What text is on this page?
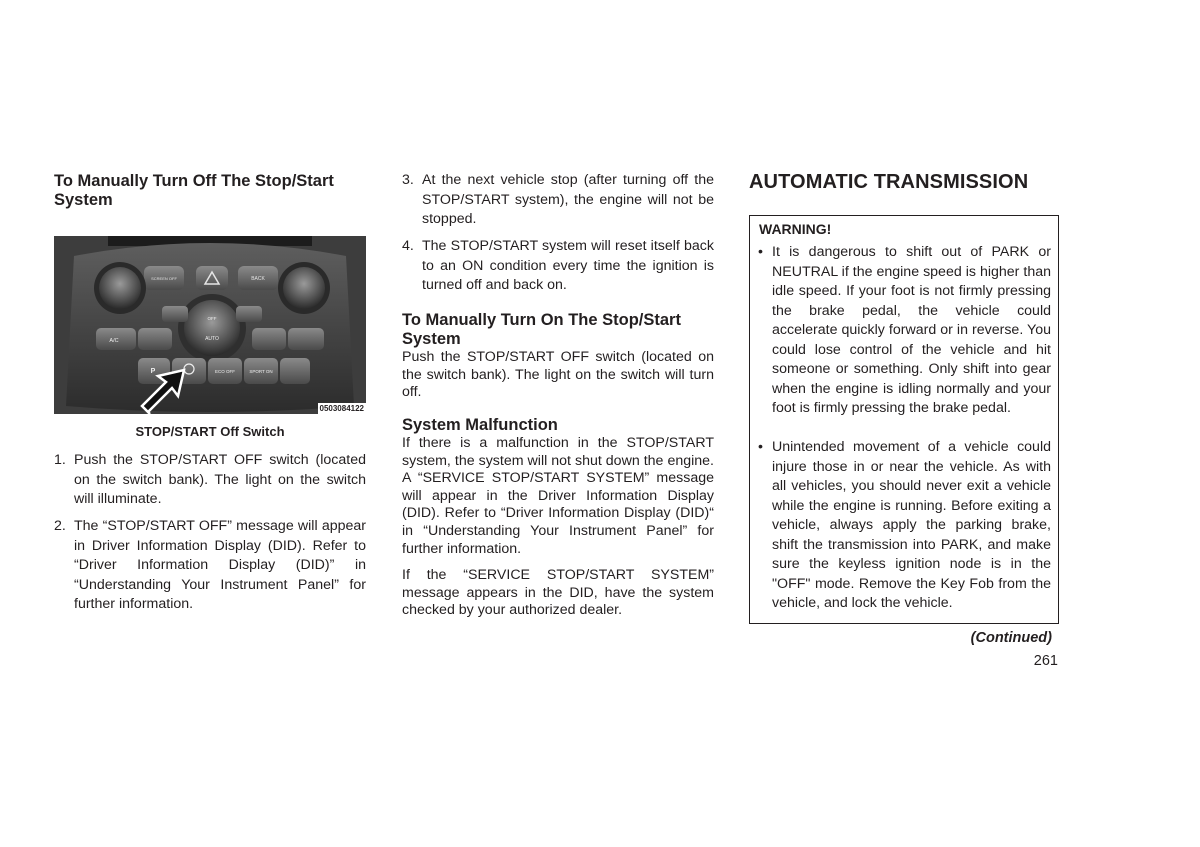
To Manually Turn Off The Stop/Start System
SCREEN OFF	BACK
OFF
AUTO
A/C
P	ECO OFF	SPORT ON
0503084122
STOP/START Off Switch
1. Push the STOP/START OFF switch (located on the switch bank). The light on the switch will illuminate.
2. The “STOP/START OFF” message will appear in Driver Information Display (DID). Refer to “Driver Information Display (DID)” in “Understanding Your Instrument Panel” for further information.
3. At the next vehicle stop (after turning off the STOP/START system), the engine will not be stopped.
4. The STOP/START system will reset itself back to an ON condition every time the ignition is turned off and back on.
To Manually Turn On The Stop/Start System

Push the STOP/START OFF switch (located on the switch bank). The light on the switch will turn off.

System Malfunction

If there is a malfunction in the STOP/START system, the system will not shut down the engine. A “SERVICE STOP/START SYSTEM” message will appear in the Driver Information Display (DID). Refer to “Driver Information Display (DID)“ in “Understanding Your Instrument Panel” for further information.

If the “SERVICE STOP/START SYSTEM” message appears in the DID, have the system checked by your authorized dealer.

AUTOMATIC TRANSMISSION
WARNING!
• It is dangerous to shift out of PARK or NEUTRAL if the engine speed is higher than idle speed. If your foot is not firmly pressing the brake pedal, the vehicle could accelerate quickly forward or in reverse. You could lose control of the vehicle and hit someone or something. Only shift into gear when the engine is idling normally and your foot is firmly pressing the brake pedal.
• Unintended movement of a vehicle could injure those in or near the vehicle. As with all vehicles, you should never exit a vehicle while the engine is running. Before exiting a vehicle, always apply the parking brake, shift the transmission into PARK, and make sure the keyless ignition node is in the "OFF" mode. Remove the Key Fob from the vehicle, and lock the vehicle.
(Continued)
261
